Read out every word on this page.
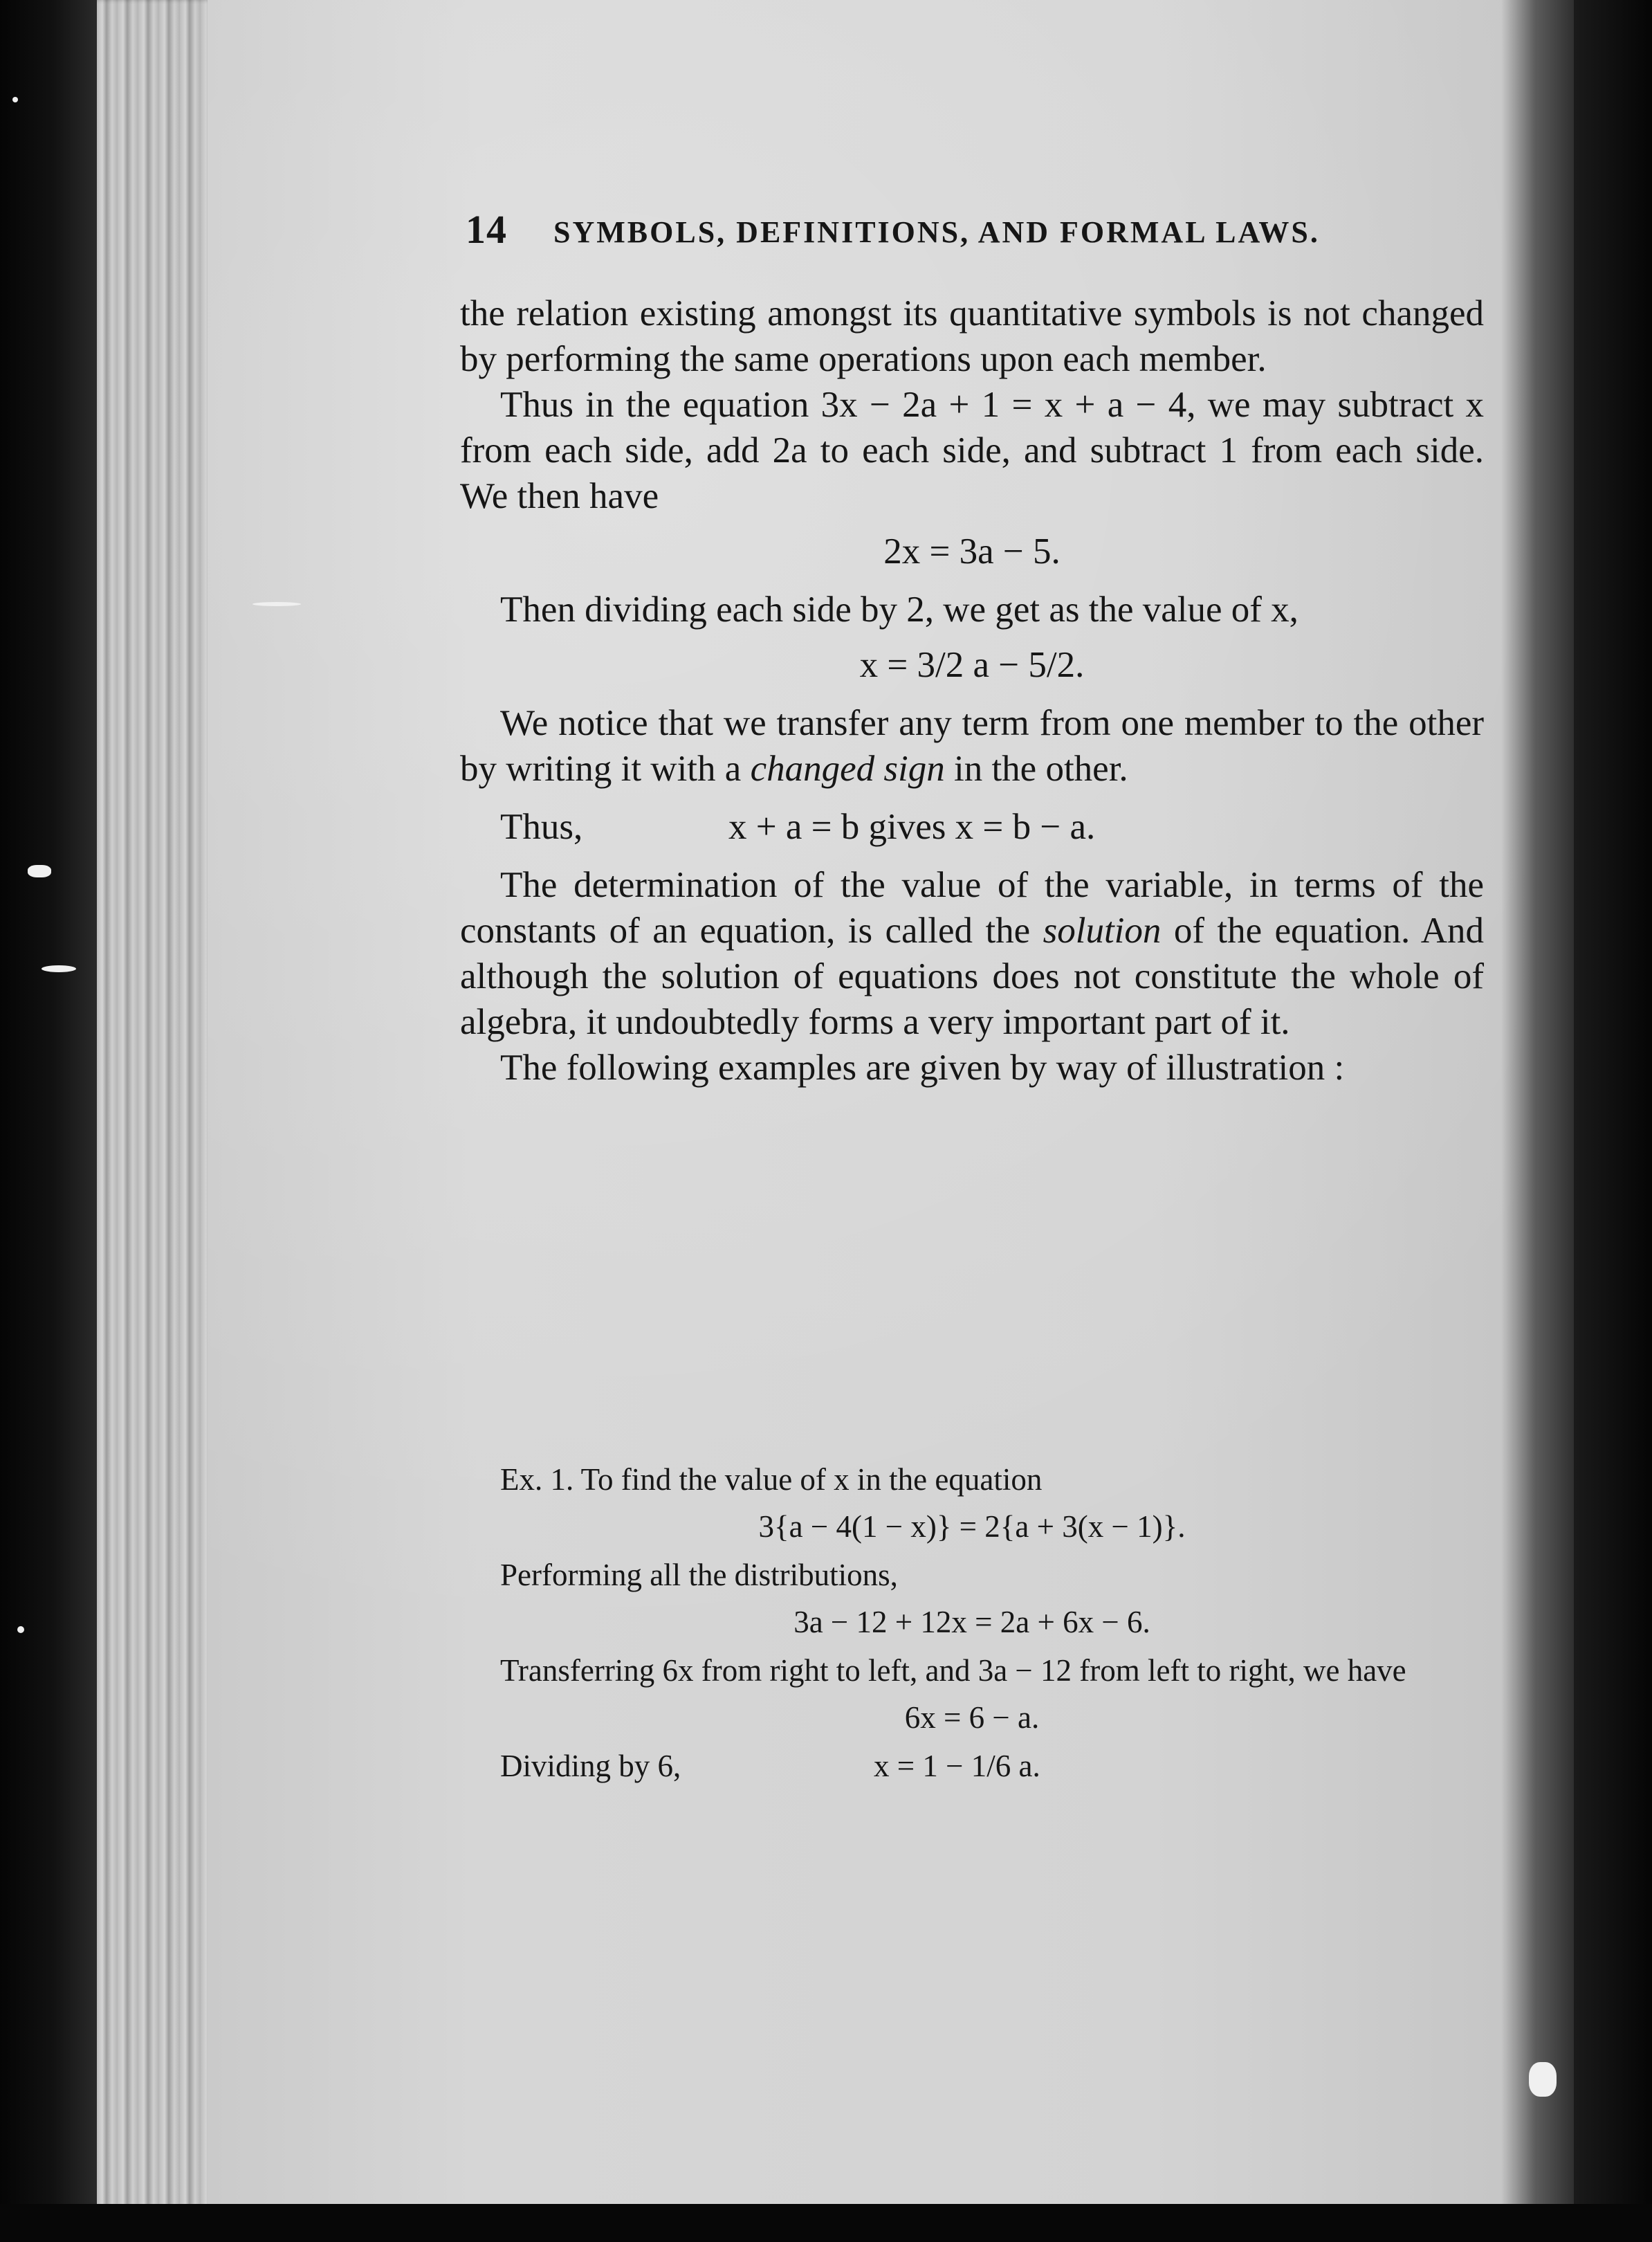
14 SYMBOLS, DEFINITIONS, AND FORMAL LAWS.

the relation existing amongst its quantitative symbols is not changed by performing the same operations upon each member.

Thus in the equation 3x − 2a + 1 = x + a − 4, we may subtract x from each side, add 2a to each side, and subtract 1 from each side. We then have

2x = 3a − 5.

Then dividing each side by 2, we get as the value of x,

x = 3/2 a − 5/2.

We notice that we transfer any term from one member to the other by writing it with a changed sign in the other.

Thus,	x + a = b gives x = b − a.

The determination of the value of the variable, in terms of the constants of an equation, is called the solution of the equation. And although the solution of equations does not constitute the whole of algebra, it undoubtedly forms a very important part of it.

The following examples are given by way of illustration :

Ex. 1. To find the value of x in the equation

3{a − 4(1 − x)} = 2{a + 3(x − 1)}.

Performing all the distributions,

3a − 12 + 12x = 2a + 6x − 6.

Transferring 6x from right to left, and 3a − 12 from left to right, we have

6x = 6 − a.

Dividing by 6,	x = 1 − 1/6 a.
